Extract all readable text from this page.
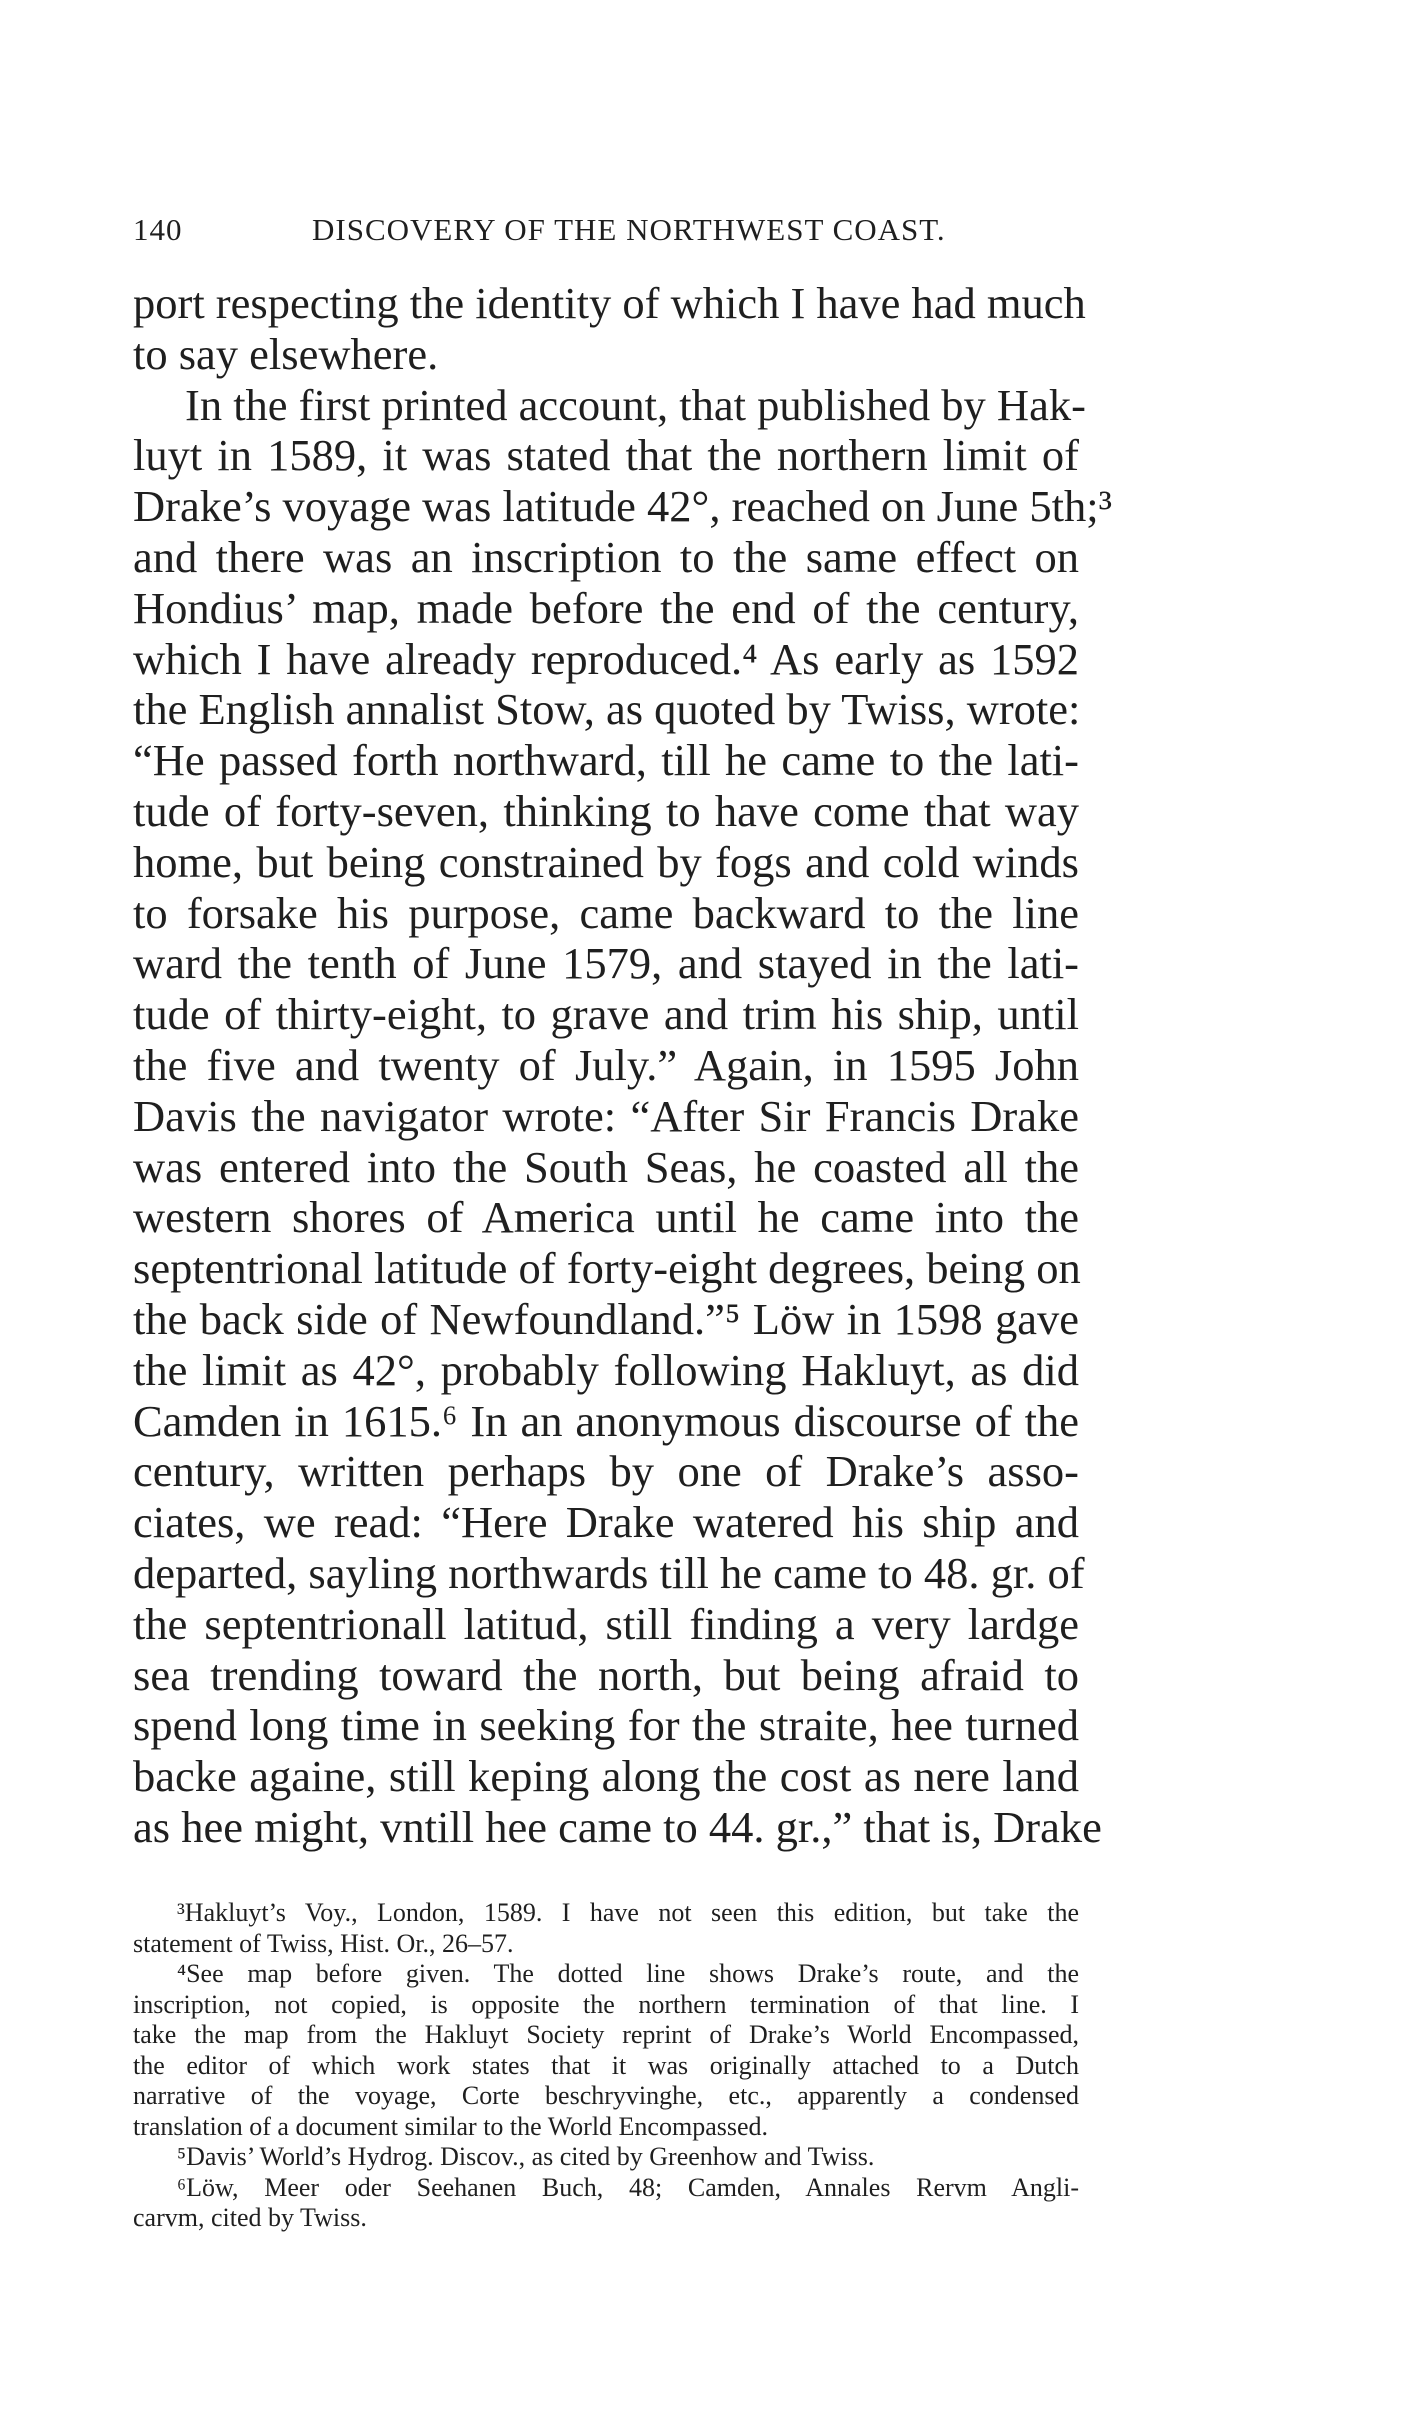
140	DISCOVERY OF THE NORTHWEST COAST.
port respecting the identity of which I have had much
to say elsewhere.
In the first printed account, that published by Hak-
luyt in 1589, it was stated that the northern limit of
Drake’s voyage was latitude 42°, reached on June 5th;³
and there was an inscription to the same effect on
Hondius’ map, made before the end of the century,
which I have already reproduced.⁴ As early as 1592
the English annalist Stow, as quoted by Twiss, wrote:
“He passed forth northward, till he came to the lati-
tude of forty-seven, thinking to have come that way
home, but being constrained by fogs and cold winds
to forsake his purpose, came backward to the line
ward the tenth of June 1579, and stayed in the lati-
tude of thirty-eight, to grave and trim his ship, until
the five and twenty of July.” Again, in 1595 John
Davis the navigator wrote: “After Sir Francis Drake
was entered into the South Seas, he coasted all the
western shores of America until he came into the
septentrional latitude of forty-eight degrees, being on
the back side of Newfoundland.”⁵ Löw in 1598 gave
the limit as 42°, probably following Hakluyt, as did
Camden in 1615.⁶ In an anonymous discourse of the
century, written perhaps by one of Drake’s asso-
ciates, we read: “Here Drake watered his ship and
departed, sayling northwards till he came to 48. gr. of
the septentrionall latitud, still finding a very lardge
sea trending toward the north, but being afraid to
spend long time in seeking for the straite, hee turned
backe againe, still keping along the cost as nere land
as hee might, vntill hee came to 44. gr.,” that is, Drake
³Hakluyt’s Voy., London, 1589. I have not seen this edition, but take the
statement of Twiss, Hist. Or., 26–57.
⁴See map before given. The dotted line shows Drake’s route, and the
inscription, not copied, is opposite the northern termination of that line. I
take the map from the Hakluyt Society reprint of Drake’s World Encompassed,
the editor of which work states that it was originally attached to a Dutch
narrative of the voyage, Corte beschryvinghe, etc., apparently a condensed
translation of a document similar to the World Encompassed.
⁵Davis’ World’s Hydrog. Discov., as cited by Greenhow and Twiss.
⁶Löw, Meer oder Seehanen Buch, 48; Camden, Annales Rervm Angli-
carvm, cited by Twiss.
